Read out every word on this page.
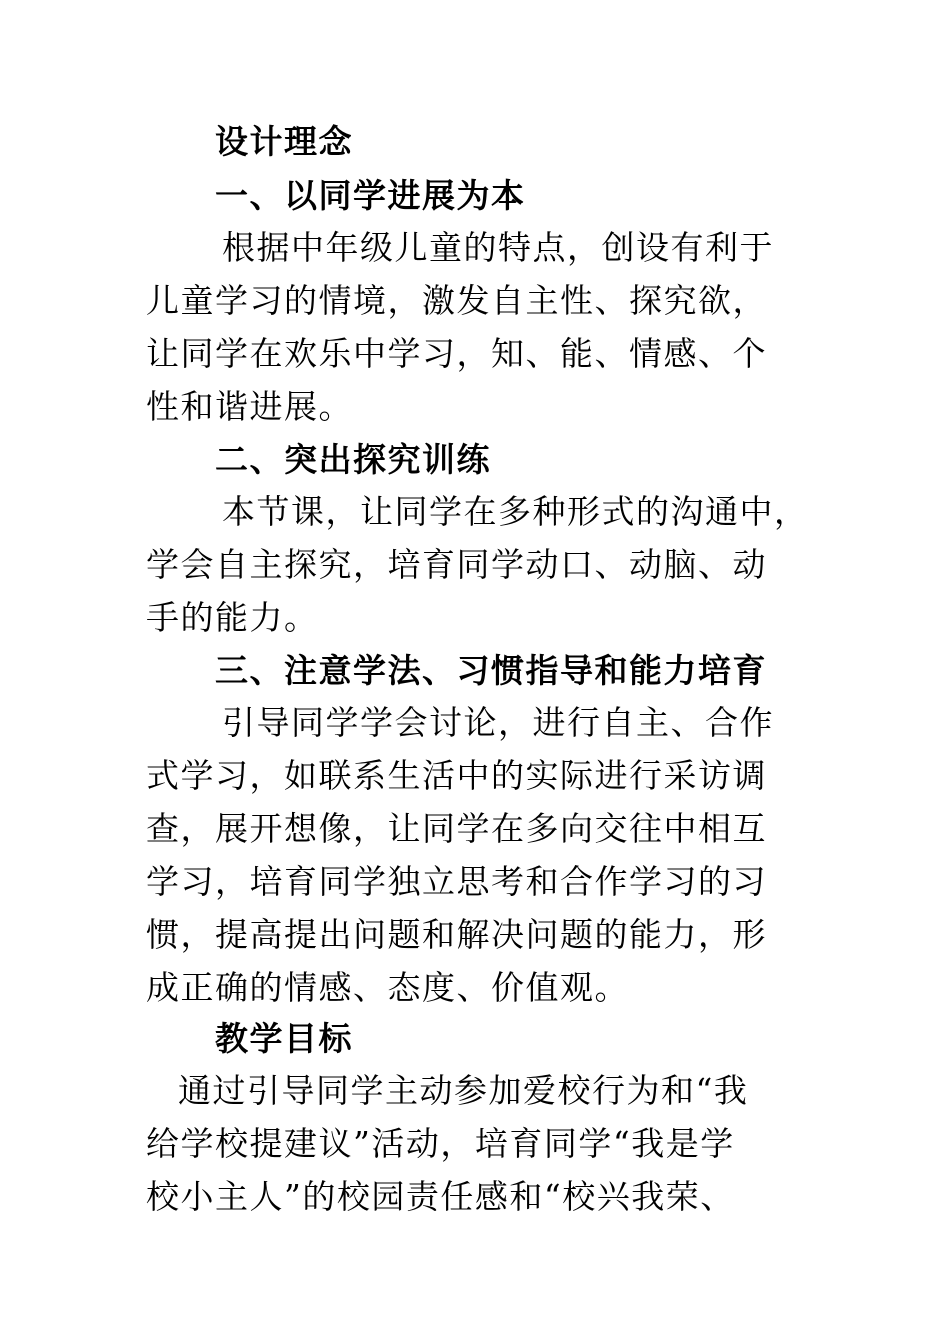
设计理念
一、以同学进展为本
根据中年级儿童的特点，创设有利于
儿童学习的情境，激发自主性、探究欲，
让同学在欢乐中学习，知、能、情感、个
性和谐进展。
二、突出探究训练
本节课，让同学在多种形式的沟通中，
学会自主探究，培育同学动口、动脑、动
手的能力。
三、注意学法、习惯指导和能力培育
引导同学学会讨论，进行自主、合作
式学习，如联系生活中的实际进行采访调
查，展开想像，让同学在多向交往中相互
学习，培育同学独立思考和合作学习的习
惯，提高提出问题和解决问题的能力，形
成正确的情感、态度、价值观。
教学目标
通过引导同学主动参加爱校行为和“我
给学校提建议”活动，培育同学“我是学
校小主人”的校园责任感和“校兴我荣、
